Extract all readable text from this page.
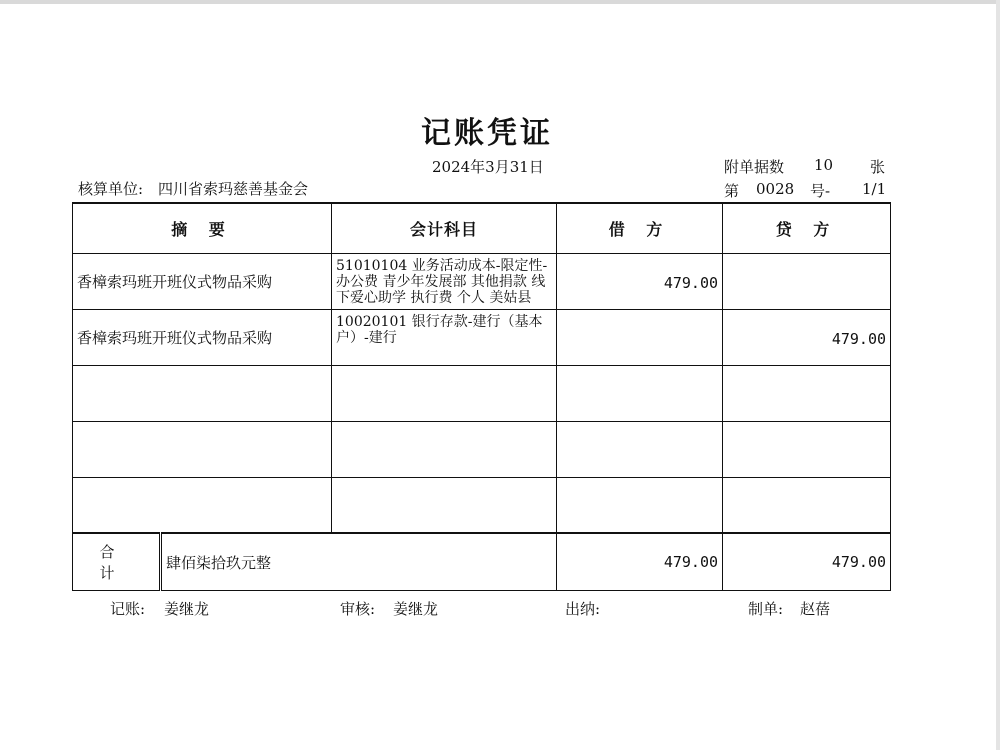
记账凭证
2024年3月31日	附单据数 10 张
核算单位: 四川省索玛慈善基金会	第 0028 号- 1/1
摘 要		会计科目	借 方	贷 方
香樟索玛班开班仪式物品采购		51010104 业务活动成本-限定性-办公费 青少年发展部 其他捐款 线下爱心助学 执行费 个人 美姑县	479.00	
香樟索玛班开班仪式物品采购		10020101 银行存款-建行（基本户）-建行		479.00

合 计	肆佰柒拾玖元整		479.00	479.00
记账: 姜继龙	审核: 姜继龙	出纳:	制单: 赵蓓
